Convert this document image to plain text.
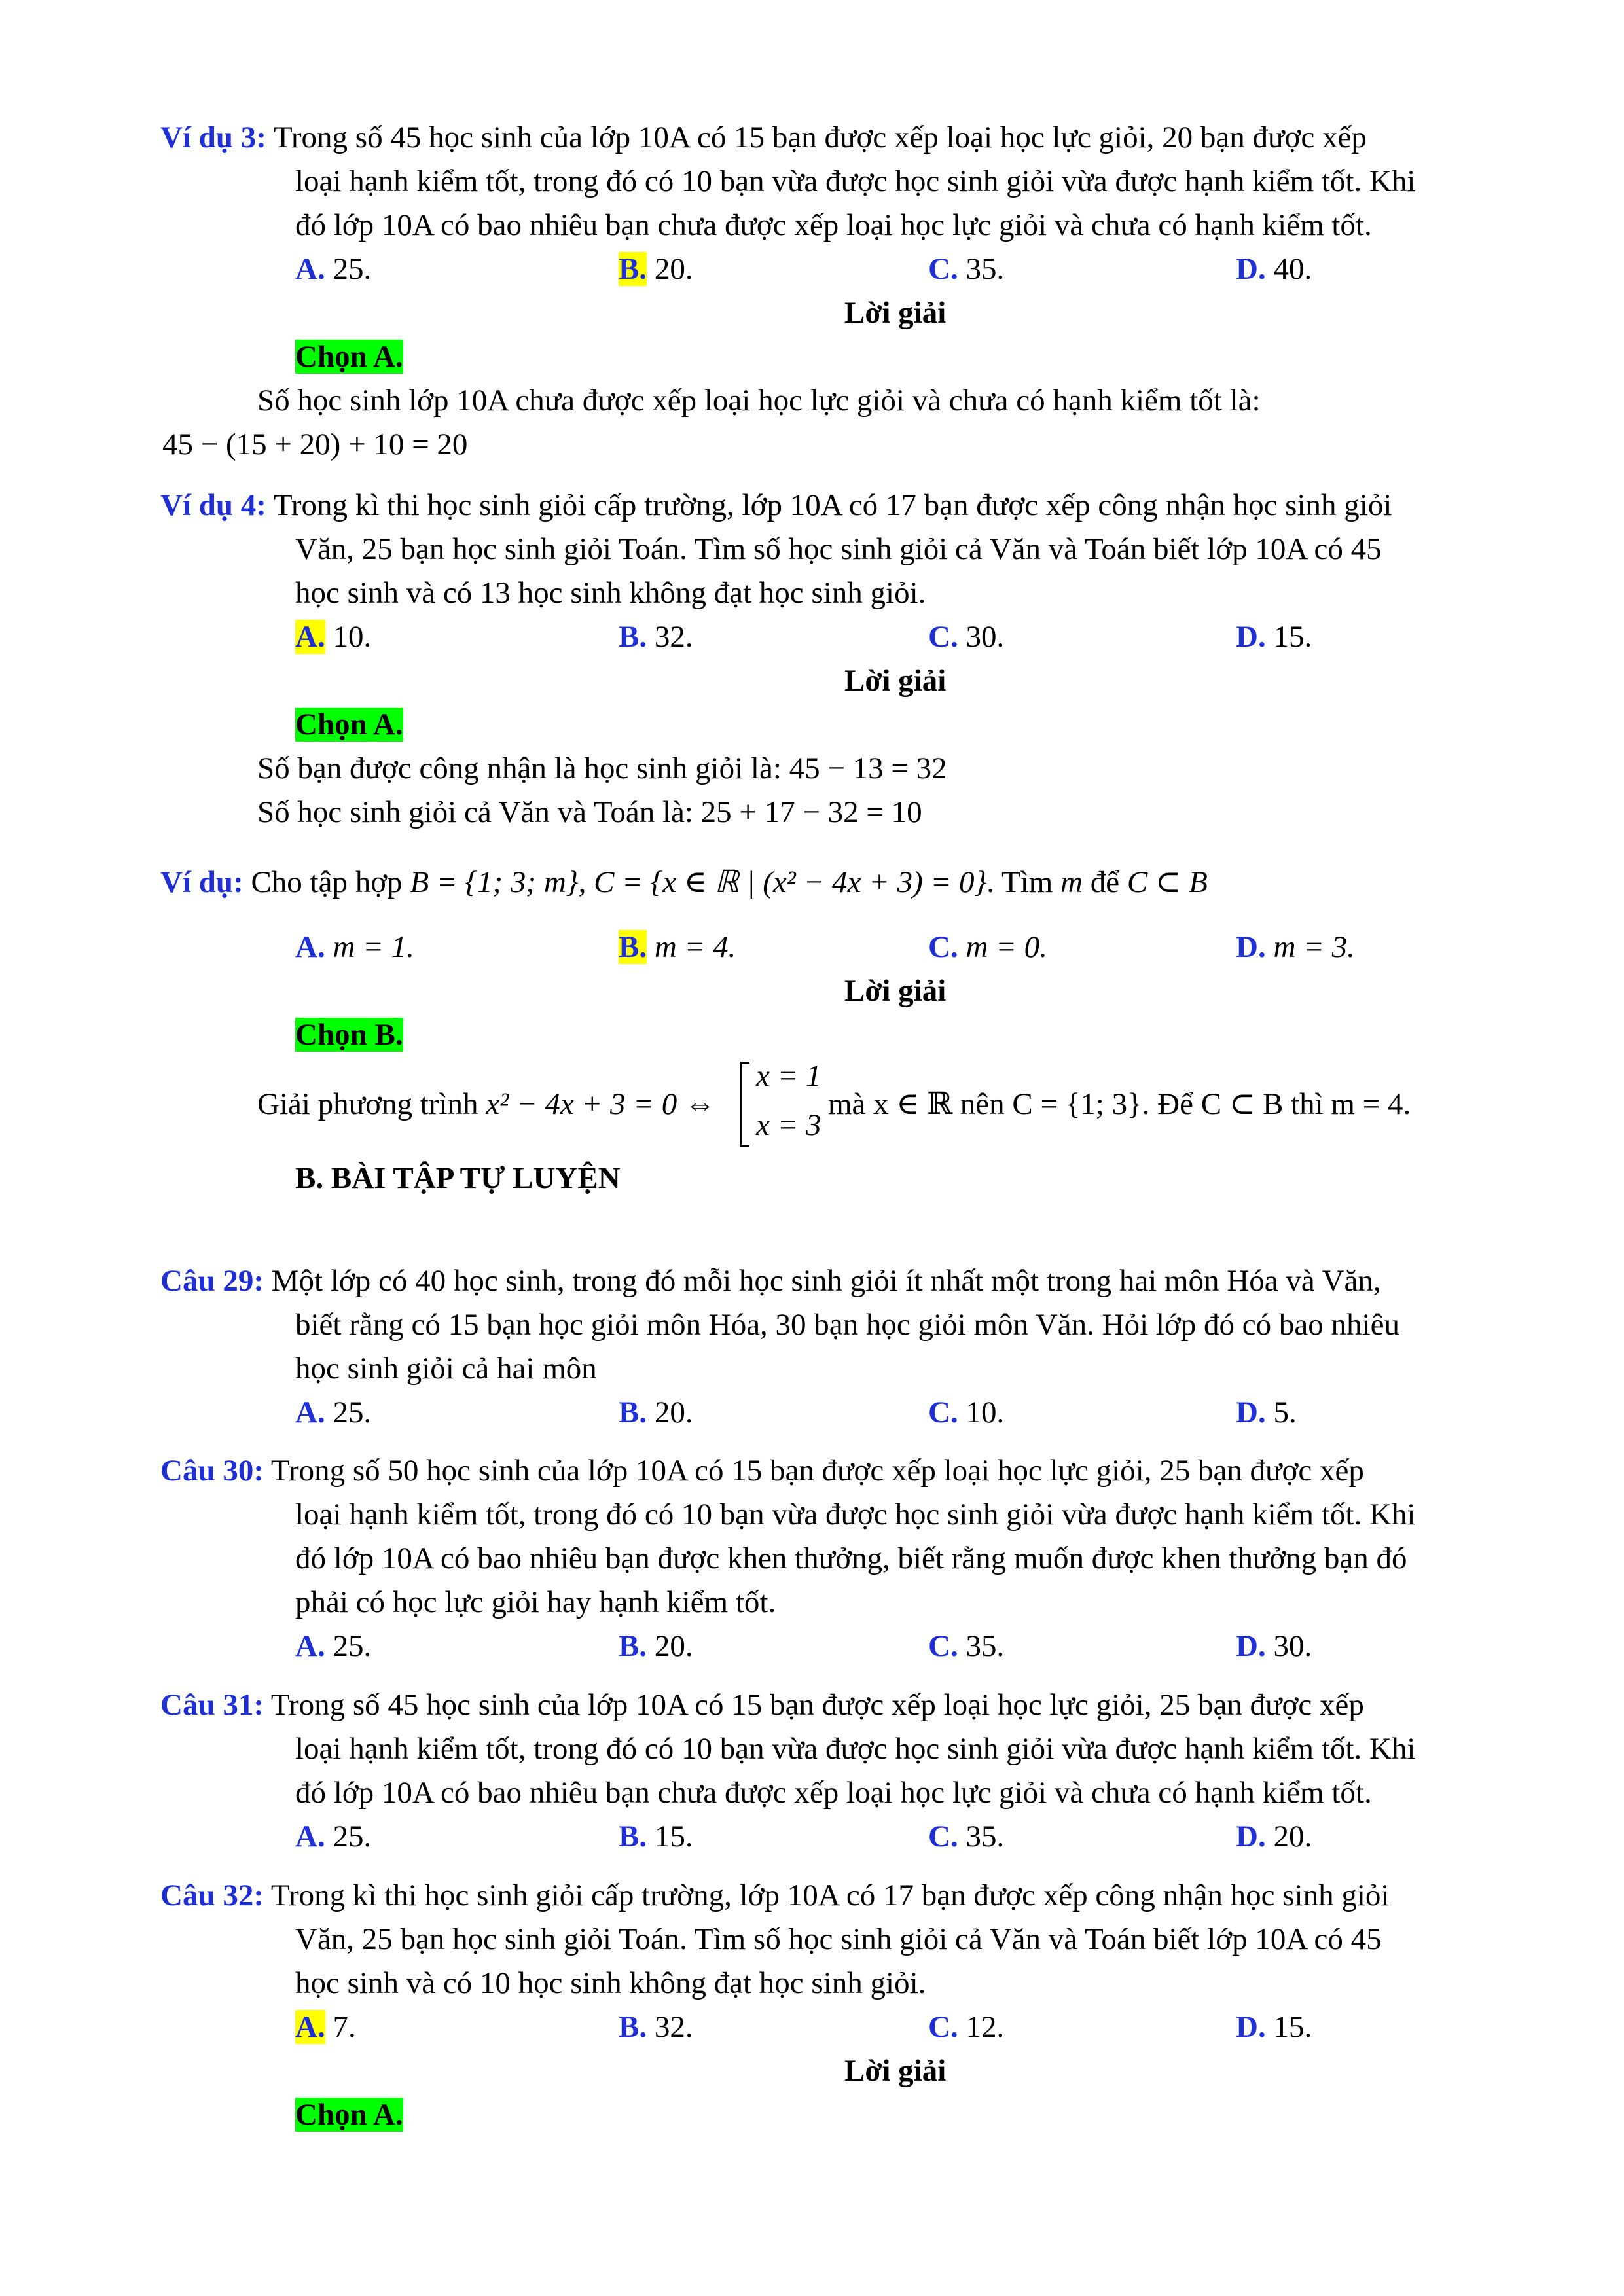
Ví dụ 3: Trong số 45 học sinh của lớp 10A có 15 bạn được xếp loại học lực giỏi, 20 bạn được xếp
loại hạnh kiểm tốt, trong đó có 10 bạn vừa được học sinh giỏi vừa được hạnh kiểm tốt. Khi
đó lớp 10A có bao nhiêu bạn chưa được xếp loại học lực giỏi và chưa có hạnh kiểm tốt.
A. 25.	B. 20.	C. 35.	D. 40.
Lời giải
Chọn A.
Số học sinh lớp 10A chưa được xếp loại học lực giỏi và chưa có hạnh kiểm tốt là:
45 − (15 + 20) + 10 = 20
Ví dụ 4: Trong kì thi học sinh giỏi cấp trường, lớp 10A có 17 bạn được xếp công nhận học sinh giỏi
Văn, 25 bạn học sinh giỏi Toán. Tìm số học sinh giỏi cả Văn và Toán biết lớp 10A có 45
học sinh và có 13 học sinh không đạt học sinh giỏi.
A. 10.	B. 32.	C. 30.	D. 15.
Lời giải
Chọn A.
Số bạn được công nhận là học sinh giỏi là: 45 − 13 = 32
Số học sinh giỏi cả Văn và Toán là: 25 + 17 − 32 = 10
Ví dụ: Cho tập hợp B = {1; 3; m}, C = {x ∈ ℝ | (x² − 4x + 3) = 0}. Tìm m để C ⊂ B
A. m = 1.	B. m = 4.	C. m = 0.	D. m = 3.
Lời giải
Chọn B.
Giải phương trình x² − 4x + 3 = 0 ⇔
x = 1
x = 3
mà x ∈ ℝ nên C = {1; 3}. Để C ⊂ B thì m = 4.
B. BÀI TẬP TỰ LUYỆN
Câu 29: Một lớp có 40 học sinh, trong đó mỗi học sinh giỏi ít nhất một trong hai môn Hóa và Văn,
biết rằng có 15 bạn học giỏi môn Hóa, 30 bạn học giỏi môn Văn. Hỏi lớp đó có bao nhiêu
học sinh giỏi cả hai môn
A. 25.	B. 20.	C. 10.	D. 5.
Câu 30: Trong số 50 học sinh của lớp 10A có 15 bạn được xếp loại học lực giỏi, 25 bạn được xếp
loại hạnh kiểm tốt, trong đó có 10 bạn vừa được học sinh giỏi vừa được hạnh kiểm tốt. Khi
đó lớp 10A có bao nhiêu bạn được khen thưởng, biết rằng muốn được khen thưởng bạn đó
phải có học lực giỏi hay hạnh kiểm tốt.
A. 25.	B. 20.	C. 35.	D. 30.
Câu 31: Trong số 45 học sinh của lớp 10A có 15 bạn được xếp loại học lực giỏi, 25 bạn được xếp
loại hạnh kiểm tốt, trong đó có 10 bạn vừa được học sinh giỏi vừa được hạnh kiểm tốt. Khi
đó lớp 10A có bao nhiêu bạn chưa được xếp loại học lực giỏi và chưa có hạnh kiểm tốt.
A. 25.	B. 15.	C. 35.	D. 20.
Câu 32: Trong kì thi học sinh giỏi cấp trường, lớp 10A có 17 bạn được xếp công nhận học sinh giỏi
Văn, 25 bạn học sinh giỏi Toán. Tìm số học sinh giỏi cả Văn và Toán biết lớp 10A có 45
học sinh và có 10 học sinh không đạt học sinh giỏi.
A. 7.	B. 32.	C. 12.	D. 15.
Lời giải
Chọn A.
